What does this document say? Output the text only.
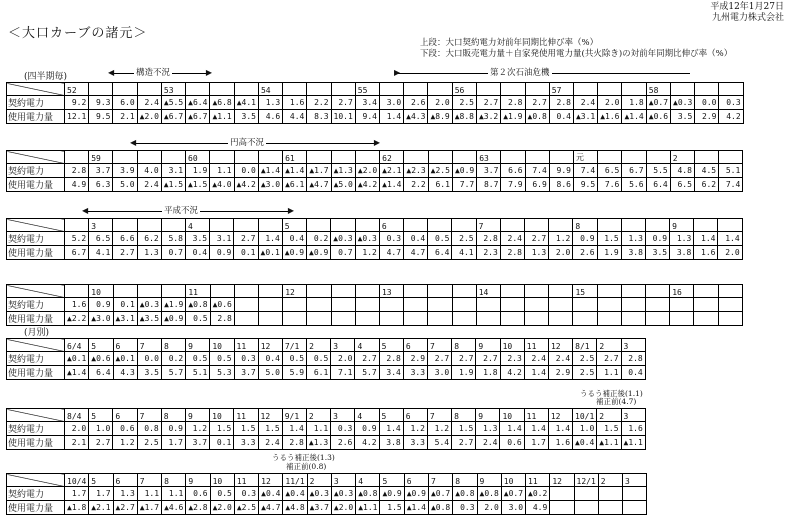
平成12年1月27日
九州電力株式会社
＜大口カーブの諸元＞
上段：大口契約電力対前年同期比伸び率（%）
下段：大口販売電力量＋自家発使用電力量(共火除き)の対前年同期比伸び率（%）
(四半期毎)	◀	構造不況	▶	▶	第２次石油危機
	52				53				54				55				56				57				58			
契約電力	9.2	9.3	6.0	2.4	▲5.5	▲6.4	▲6.8	▲4.1	1.3	1.6	2.2	2.7	3.4	3.0	2.6	2.0	2.5	2.7	2.8	2.7	2.8	2.4	2.0	1.8	▲0.7	▲0.3	0.0	0.3
使用電力量	12.1	9.5	2.1	▲2.0	▲6.7	▲6.7	▲1.1	3.5	4.6	4.4	8.3	10.1	9.4	1.4	▲4.3	▲8.9	▲8.8	▲3.2	▲1.9	▲0.8	0.4	▲3.1	▲1.6	▲1.4	▲0.6	3.5	2.9	4.2
◀	円高不況	▶
		59				60				61				62				63				元				2		
契約電力	2.8	3.7	3.9	4.0	3.1	1.9	1.1	0.0	▲1.4	▲1.4	▲1.7	▲1.3	▲2.0	▲2.1	▲2.3	▲2.5	▲0.9	3.7	6.6	7.4	9.9	7.4	6.5	6.7	5.5	4.8	4.5	5.1
使用電力量	4.9	6.3	5.0	2.4	▲1.5	▲1.5	▲4.0	▲4.2	▲3.0	▲6.1	▲4.7	▲5.0	▲4.2	▲1.4	2.2	6.1	7.7	8.7	7.9	6.9	8.6	9.5	7.6	5.6	6.4	6.5	6.2	7.4
◀	平成不況	▶
		3				4				5				6				7				8				9		
契約電力	5.2	6.5	6.6	6.2	5.8	3.5	3.1	2.7	1.4	0.4	0.2	▲0.3	▲0.3	0.3	0.4	0.5	2.5	2.8	2.4	2.7	1.2	0.9	1.5	1.3	0.9	1.3	1.4	1.4
使用電力量	6.7	4.1	2.7	1.3	0.7	0.4	0.9	0.1	▲0.1	▲0.9	▲0.9	0.7	1.2	4.7	4.7	6.4	4.1	2.3	2.8	1.3	2.0	2.6	1.9	3.8	3.5	3.8	1.6	2.0
		10				11				12				13				14				15				16		
契約電力	1.6	0.9	0.1	▲0.3	▲1.9	▲0.8	▲0.6																					
使用電力量	▲2.2	▲3.0	▲3.1	▲3.5	▲0.9	0.5	2.8																					
(月別)
	6/4	5	6	7	8	9	10	11	12	7/1	2	3	4	5	6	7	8	9	10	11	12	8/1	2	3
契約電力	▲0.1	▲0.6	▲0.1	0.0	0.2	0.5	0.5	0.3	0.4	0.5	0.5	2.0	2.7	2.8	2.9	2.7	2.7	2.7	2.3	2.4	2.4	2.5	2.7	2.8
使用電力量	▲1.4	6.4	4.3	3.5	5.7	5.1	5.3	3.7	5.0	5.9	6.1	7.1	5.7	3.4	3.3	3.0	1.9	1.8	4.2	1.4	2.9	2.5	1.1	0.4
うるう補正後(1.1)
補正前(4.7)
	8/4	5	6	7	8	9	10	11	12	9/1	2	3	4	5	6	7	8	9	10	11	12	10/1	2	3
契約電力	2.0	1.0	0.6	0.8	0.9	1.2	1.5	1.5	1.5	1.4	1.1	0.3	0.9	1.4	1.2	1.2	1.5	1.3	1.4	1.4	1.4	1.0	1.5	1.6
使用電力量	2.1	2.7	1.2	2.5	1.7	3.7	0.1	3.3	2.4	2.8	▲1.3	2.6	4.2	3.8	3.3	5.4	2.7	2.4	0.6	1.7	1.6	▲0.4	▲1.1	▲1.1
うるう補正後(1.3)
補正前(0.8)
	10/4	5	6	7	8	9	10	11	12	11/1	2	3	4	5	6	7	8	9	10	11	12	12/1	2	3
契約電力	1.7	1.7	1.3	1.1	1.1	0.6	0.5	0.3	▲0.4	▲0.4	▲0.3	▲0.3	▲0.8	▲0.9	▲0.9	▲0.7	▲0.8	▲0.8	▲0.7	▲0.2				
使用電力量	▲1.8	▲2.1	▲2.7	▲1.7	▲4.6	▲2.8	▲2.0	▲2.5	▲4.7	▲4.8	▲3.7	▲2.0	▲1.1	1.5	▲1.4	▲0.8	0.3	2.0	3.0	4.9				
